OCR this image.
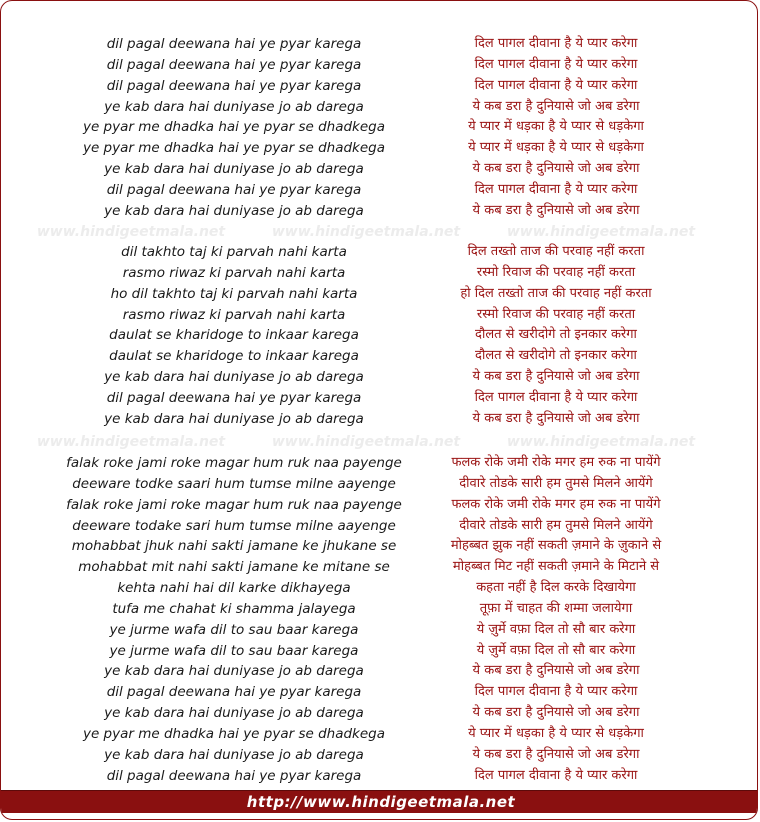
dil pagal deewana hai ye pyar karega	दिल पागल दीवाना है ये प्यार करेगा
dil pagal deewana hai ye pyar karega	दिल पागल दीवाना है ये प्यार करेगा
dil pagal deewana hai ye pyar karega	दिल पागल दीवाना है ये प्यार करेगा
ye kab dara hai duniyase jo ab darega	ये कब डरा है दुनियासे जो अब डरेगा
ye pyar me dhadka hai ye pyar se dhadkega	ये प्यार में धड़का है ये प्यार से धड़केगा
ye pyar me dhadka hai ye pyar se dhadkega	ये प्यार में धड़का है ये प्यार से धड़केगा
ye kab dara hai duniyase jo ab darega	ये कब डरा है दुनियासे जो अब डरेगा
dil pagal deewana hai ye pyar karega	दिल पागल दीवाना है ये प्यार करेगा
ye kab dara hai duniyase jo ab darega	ये कब डरा है दुनियासे जो अब डरेगा
www.hindigeetmala.net	www.hindigeetmala.net	www.hindigeetmala.net
dil takhto taj ki parvah nahi karta	दिल तख्तो ताज की परवाह नहीं करता
rasmo riwaz ki parvah nahi karta	रस्मो रिवाज की परवाह नहीं करता
ho dil takhto taj ki parvah nahi karta	हो दिल तख्तो ताज की परवाह नहीं करता
rasmo riwaz ki parvah nahi karta	रस्मो रिवाज की परवाह नहीं करता
daulat se kharidoge to inkaar karega	दौलत से खरीदोगे तो इनकार करेगा
daulat se kharidoge to inkaar karega	दौलत से खरीदोगे तो इनकार करेगा
ye kab dara hai duniyase jo ab darega	ये कब डरा है दुनियासे जो अब डरेगा
dil pagal deewana hai ye pyar karega	दिल पागल दीवाना है ये प्यार करेगा
ye kab dara hai duniyase jo ab darega	ये कब डरा है दुनियासे जो अब डरेगा
www.hindigeetmala.net	www.hindigeetmala.net	www.hindigeetmala.net
falak roke jami roke magar hum ruk naa payenge	फलक रोके जमी रोके मगर हम रुक ना पायेंगे
deeware todke saari hum tumse milne aayenge	दीवारे तोडके सारी हम तुमसे मिलने आयेंगे
falak roke jami roke magar hum ruk naa payenge	फलक रोके जमी रोके मगर हम रुक ना पायेंगे
deeware todake sari hum tumse milne aayenge	दीवारे तोडके सारी हम तुमसे मिलने आयेंगे
mohabbat jhuk nahi sakti jamane ke jhukane se	मोहब्बत झुक नहीं सकती ज़माने के ज़ुकाने से
mohabbat mit nahi sakti jamane ke mitane se	मोहब्बत मिट नहीं सकती ज़माने के मिटाने से
kehta nahi hai dil karke dikhayega	कहता नहीं है दिल करके दिखायेगा
tufa me chahat ki shamma jalayega	तूफ़ा में चाहत की शम्मा जलायेगा
ye jurme wafa dil to sau baar karega	ये ज़ुर्मे वफ़ा दिल तो सौ बार करेगा
ye jurme wafa dil to sau baar karega	ये ज़ुर्मे वफ़ा दिल तो सौ बार करेगा
ye kab dara hai duniyase jo ab darega	ये कब डरा है दुनियासे जो अब डरेगा
dil pagal deewana hai ye pyar karega	दिल पागल दीवाना है ये प्यार करेगा
ye kab dara hai duniyase jo ab darega	ये कब डरा है दुनियासे जो अब डरेगा
ye pyar me dhadka hai ye pyar se dhadkega	ये प्यार में धड़का है ये प्यार से धड़केगा
ye kab dara hai duniyase jo ab darega	ये कब डरा है दुनियासे जो अब डरेगा
dil pagal deewana hai ye pyar karega	दिल पागल दीवाना है ये प्यार करेगा
http://www.hindigeetmala.net
